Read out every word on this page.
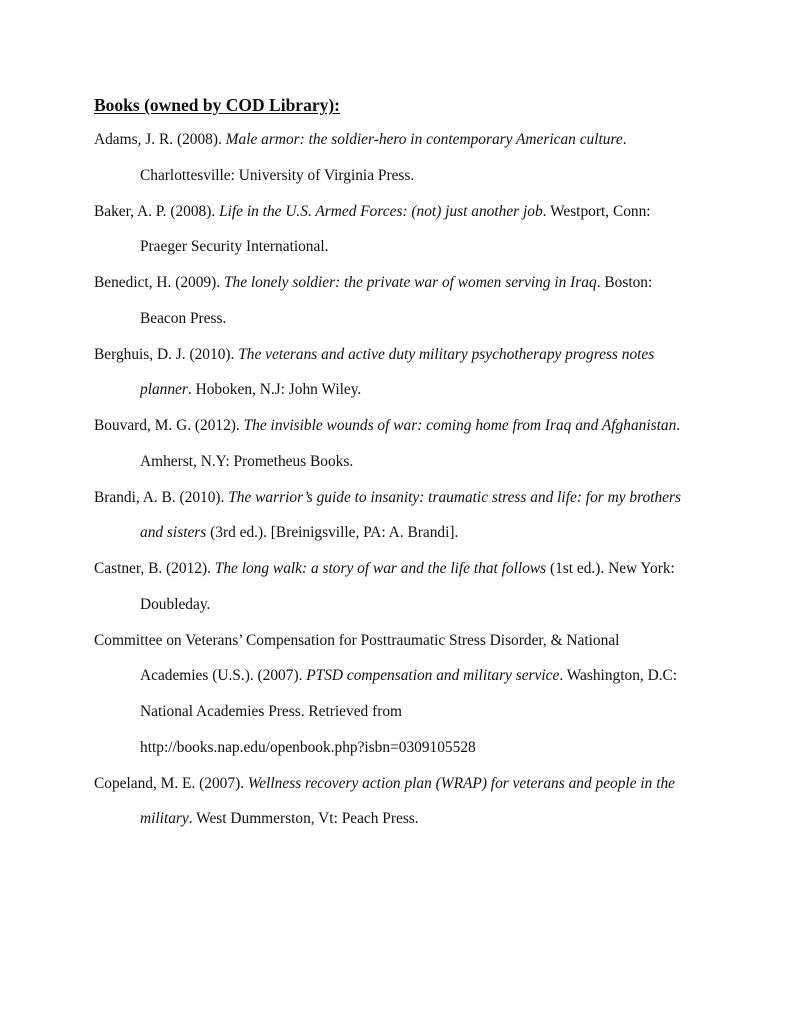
Books (owned by COD Library):
Adams, J. R. (2008). Male armor: the soldier-hero in contemporary American culture.
Charlottesville: University of Virginia Press.
Baker, A. P. (2008). Life in the U.S. Armed Forces: (not) just another job. Westport, Conn:
Praeger Security International.
Benedict, H. (2009). The lonely soldier: the private war of women serving in Iraq. Boston:
Beacon Press.
Berghuis, D. J. (2010). The veterans and active duty military psychotherapy progress notes
planner. Hoboken, N.J: John Wiley.
Bouvard, M. G. (2012). The invisible wounds of war: coming home from Iraq and Afghanistan.
Amherst, N.Y: Prometheus Books.
Brandi, A. B. (2010). The warrior’s guide to insanity: traumatic stress and life: for my brothers
and sisters (3rd ed.). [Breinigsville, PA: A. Brandi].
Castner, B. (2012). The long walk: a story of war and the life that follows (1st ed.). New York:
Doubleday.
Committee on Veterans’ Compensation for Posttraumatic Stress Disorder, & National
Academies (U.S.). (2007). PTSD compensation and military service. Washington, D.C:
National Academies Press. Retrieved from
http://books.nap.edu/openbook.php?isbn=0309105528
Copeland, M. E. (2007). Wellness recovery action plan (WRAP) for veterans and people in the
military. West Dummerston, Vt: Peach Press.
